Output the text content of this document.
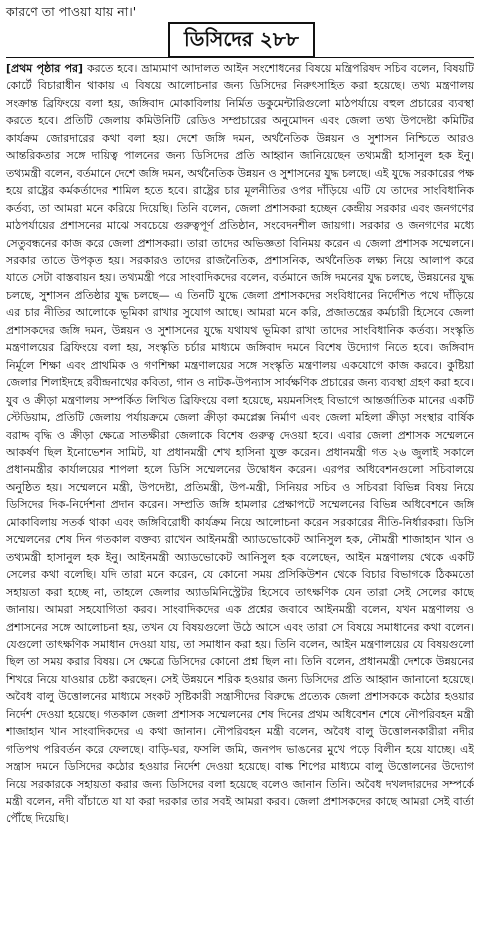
কারণে তা পাওয়া যায় না।'
ডিসিদের ২৮৮

[প্রথম পৃষ্ঠার পর] করতে হবে। ভ্রাম্যমাণ আদালত আইন সংশোধনের বিষয়ে মন্ত্রিপরিষদ সচিব বলেন, বিষয়টি কোর্টে বিচারাধীন থাকায় এ বিষয়ে আলোচনার জন্য ডিসিদের নিরুৎসাহিত করা হয়েছে। তথ্য মন্ত্রণালয় সংক্রান্ত ব্রিফিংয়ে বলা হয়, জঙ্গিবাদ মোকাবিলায় নির্মিত ডকুমেন্টারিগুলো মাঠপর্যায়ে বহুল প্রচারের ব্যবস্থা করতে হবে। প্রতিটি জেলায় কমিউনিটি রেডিও সম্প্রচারের অনুমোদন এবং জেলা তথ্য উপদেষ্টা কমিটির কার্যক্রম জোরদারের কথা বলা হয়। দেশে জঙ্গি দমন, অর্থনৈতিক উন্নয়ন ও সুশাসন নিশ্চিতে আরও আন্তরিকতার সঙ্গে দায়িত্ব পালনের জন্য ডিসিদের প্রতি আহ্বান জানিয়েছেন তথ্যমন্ত্রী হাসানুল হক ইনু। তথ্যমন্ত্রী বলেন, বর্তমানে দেশে জঙ্গি দমন, অর্থনৈতিক উন্নয়ন ও সুশাসনের যুদ্ধ চলছে। এই যুদ্ধে সরকারের পক্ষ হয়ে রাষ্ট্রের কর্মকর্তাদের শামিল হতে হবে। রাষ্ট্রের চার মূলনীতির ওপর দাঁড়িয়ে এটি যে তাদের সাংবিধানিক কর্তব্য, তা আমরা মনে করিয়ে দিয়েছি। তিনি বলেন, জেলা প্রশাসকরা হচ্ছেন কেন্দ্রীয় সরকার এবং জনগণের মাঠপর্যায়ের প্রশাসনের মাঝে সবচেয়ে গুরুত্বপূর্ণ প্রতিষ্ঠান, সংবেদনশীল জায়গা। সরকার ও জনগণের মধ্যে সেতুবন্ধনের কাজ করে জেলা প্রশাসকরা। তারা তাদের অভিজ্ঞতা বিনিময় করেন এ জেলা প্রশাসক সম্মেলনে। সরকার তাতে উপকৃত হয়। সরকারও তাদের রাজনৈতিক, প্রশাসনিক, অর্থনৈতিক লক্ষ্য নিয়ে আলাপ করে যাতে সেটা বাস্তবায়ন হয়। তথ্যমন্ত্রী পরে সাংবাদিকদের বলেন, বর্তমানে জঙ্গি দমনের যুদ্ধ চলছে, উন্নয়নের যুদ্ধ চলছে, সুশাসন প্রতিষ্ঠার যুদ্ধ চলছে— এ তিনটি যুদ্ধে জেলা প্রশাসকদের সংবিধানের নির্দেশিত পথে দাঁড়িয়ে এর চার নীতির আলোকে ভূমিকা রাখার সুযোগ আছে। আমরা মনে করি, প্রজাতন্ত্রের কর্মচারী হিসেবে জেলা প্রশাসকদের জঙ্গি দমন, উন্নয়ন ও সুশাসনের যুদ্ধে যথাযথ ভূমিকা রাখা তাদের সাংবিধানিক কর্তব্য। সংস্কৃতি মন্ত্রণালয়ের ব্রিফিংয়ে বলা হয়, সংস্কৃতি চর্চার মাধ্যমে জঙ্গিবাদ দমনে বিশেষ উদ্যোগ নিতে হবে। জঙ্গিবাদ নির্মূলে শিক্ষা এবং প্রাথমিক ও গণশিক্ষা মন্ত্রণালয়ের সঙ্গে সংস্কৃতি মন্ত্রণালয় একযোগে কাজ করবে। কুষ্টিয়া জেলার শিলাইদহে রবীন্দ্রনাথের কবিতা, গান ও নাটক-উপন্যাস সার্বক্ষণিক প্রচারের জন্য ব্যবস্থা গ্রহণ করা হবে। যুব ও ক্রীড়া মন্ত্রণালয় সম্পর্কিত লিখিত ব্রিফিংয়ে বলা হয়েছে, ময়মনসিংহ বিভাগে আন্তর্জাতিক মানের একটি স্টেডিয়াম, প্রতিটি জেলায় পর্যায়ক্রমে জেলা ক্রীড়া কমপ্লেক্স নির্মাণ এবং জেলা মহিলা ক্রীড়া সংস্থার বার্ষিক বরাদ্দ বৃদ্ধি ও ক্রীড়া ক্ষেত্রে সাতক্ষীরা জেলাকে বিশেষ গুরুত্ব দেওয়া হবে। এবার জেলা প্রশাসক সম্মেলনে আকর্ষণ ছিল ইনোভেশন সামিট, যা প্রধানমন্ত্রী শেখ হাসিনা যুক্ত করেন। প্রধানমন্ত্রী গত ২৬ জুলাই সকালে প্রধানমন্ত্রীর কার্যালয়ের শাপলা হলে ডিসি সম্মেলনের উদ্বোধন করেন। এরপর অধিবেশনগুলো সচিবালয়ে অনুষ্ঠিত হয়। সম্মেলনে মন্ত্রী, উপদেষ্টা, প্রতিমন্ত্রী, উপ-মন্ত্রী, সিনিয়র সচিব ও সচিবরা বিভিন্ন বিষয় নিয়ে ডিসিদের দিক-নির্দেশনা প্রদান করেন। সম্প্রতি জঙ্গি হামলার প্রেক্ষাপটে সম্মেলনের বিভিন্ন অধিবেশনে জঙ্গি মোকাবিলায় সতর্ক থাকা এবং জঙ্গিবিরোধী কার্যক্রম নিয়ে আলোচনা করেন সরকারের নীতি-নির্ধারকরা। ডিসি সম্মেলনের শেষ দিন গতকাল বক্তব্য রাখেন আইনমন্ত্রী অ্যাডভোকেট আনিসুল হক, নৌমন্ত্রী শাজাহান খান ও তথ্যমন্ত্রী হাসানুল হক ইনু। আইনমন্ত্রী অ্যাডভোকেট আনিসুল হক বলেছেন, আইন মন্ত্রণালয় থেকে একটি সেলের কথা বলেছি। যদি তারা মনে করেন, যে কোনো সময় প্রসিকিউশন থেকে বিচার বিভাগকে ঠিকমতো সহায়তা করা হচ্ছে না, তাহলে জেলার অ্যাডমিনিস্ট্রেটর হিসেবে তাৎক্ষণিক যেন তারা সেই সেলের কাছে জানায়। আমরা সহযোগিতা করব। সাংবাদিকদের এক প্রশ্নের জবাবে আইনমন্ত্রী বলেন, যখন মন্ত্রণালয় ও প্রশাসনের সঙ্গে আলোচনা হয়, তখন যে বিষয়গুলো উঠে আসে এবং তারা সে বিষয়ে সমাধানের কথা বলেন। যেগুলো তাৎক্ষণিক সমাধান দেওয়া যায়, তা সমাধান করা হয়। তিনি বলেন, আইন মন্ত্রণালয়ের যে বিষয়গুলো ছিল তা সময় করার বিষয়। সে ক্ষেত্রে ডিসিদের কোনো প্রশ্ন ছিল না। তিনি বলেন, প্রধানমন্ত্রী দেশকে উন্নয়নের শিখরে নিয়ে যাওয়ার চেষ্টা করছেন। সেই উন্নয়নে শরিক হওয়ার জন্য ডিসিদের প্রতি আহ্বান জানানো হয়েছে। অবৈধ বালু উত্তোলনের মাধ্যমে সংকট সৃষ্টিকারী সন্ত্রাসীদের বিরুদ্ধে প্রত্যেক জেলা প্রশাসককে কঠোর হওয়ার নির্দেশ দেওয়া হয়েছে। গতকাল জেলা প্রশাসক সম্মেলনের শেষ দিনের প্রথম অধিবেশন শেষে নৌপরিবহন মন্ত্রী শাজাহান খান সাংবাদিকদের এ কথা জানান। নৌপরিবহন মন্ত্রী বলেন, অবৈধ বালু উত্তোলনকারীরা নদীর গতিপথ পরিবর্তন করে ফেলছে। বাড়ি-ঘর, ফসলি জমি, জনপদ ভাঙনের মুখে পড়ে বিলীন হয়ে যাচ্ছে। এই সন্ত্রাস দমনে ডিসিদের কঠোর হওয়ার নির্দেশ দেওয়া হয়েছে। বাল্ক শিপের মাধ্যমে বালু উত্তোলনের উদ্যোগ নিয়ে সরকারকে সহায়তা করার জন্য ডিসিদের বলা হয়েছে বলেও জানান তিনি। অবৈধ দখলদারদের সম্পর্কে মন্ত্রী বলেন, নদী বাঁচাতে যা যা করা দরকার তার সবই আমরা করব। জেলা প্রশাসকদের কাছে আমরা সেই বার্তা পৌঁছে দিয়েছি।
